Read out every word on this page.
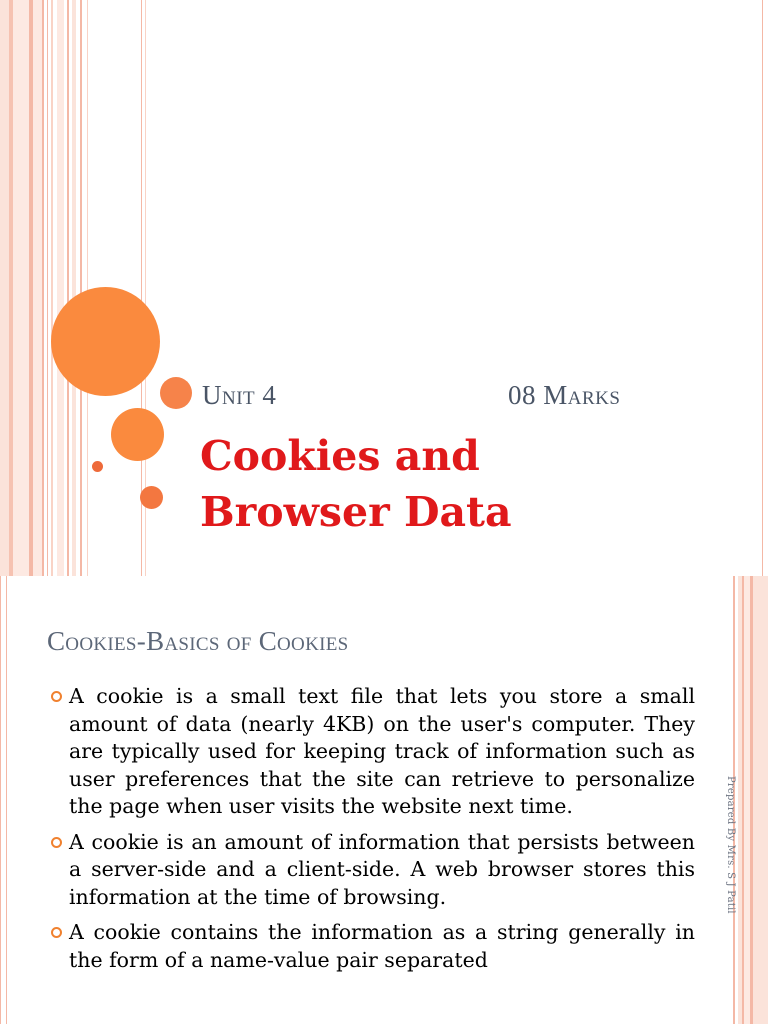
Unit 4	08 Marks
Cookies and
Browser Data
Cookies-Basics of Cookies
A cookie is a small text file that lets you store a small amount of data (nearly 4KB) on the user's computer. They are typically used for keeping track of information such as user preferences that the site can retrieve to personalize the page when user visits the website next time.
A cookie is an amount of information that persists between a server-side and a client-side. A web browser stores this information at the time of browsing.
A cookie contains the information as a string generally in the form of a name-value pair separated
Prepared By Mrs. S J Patil
